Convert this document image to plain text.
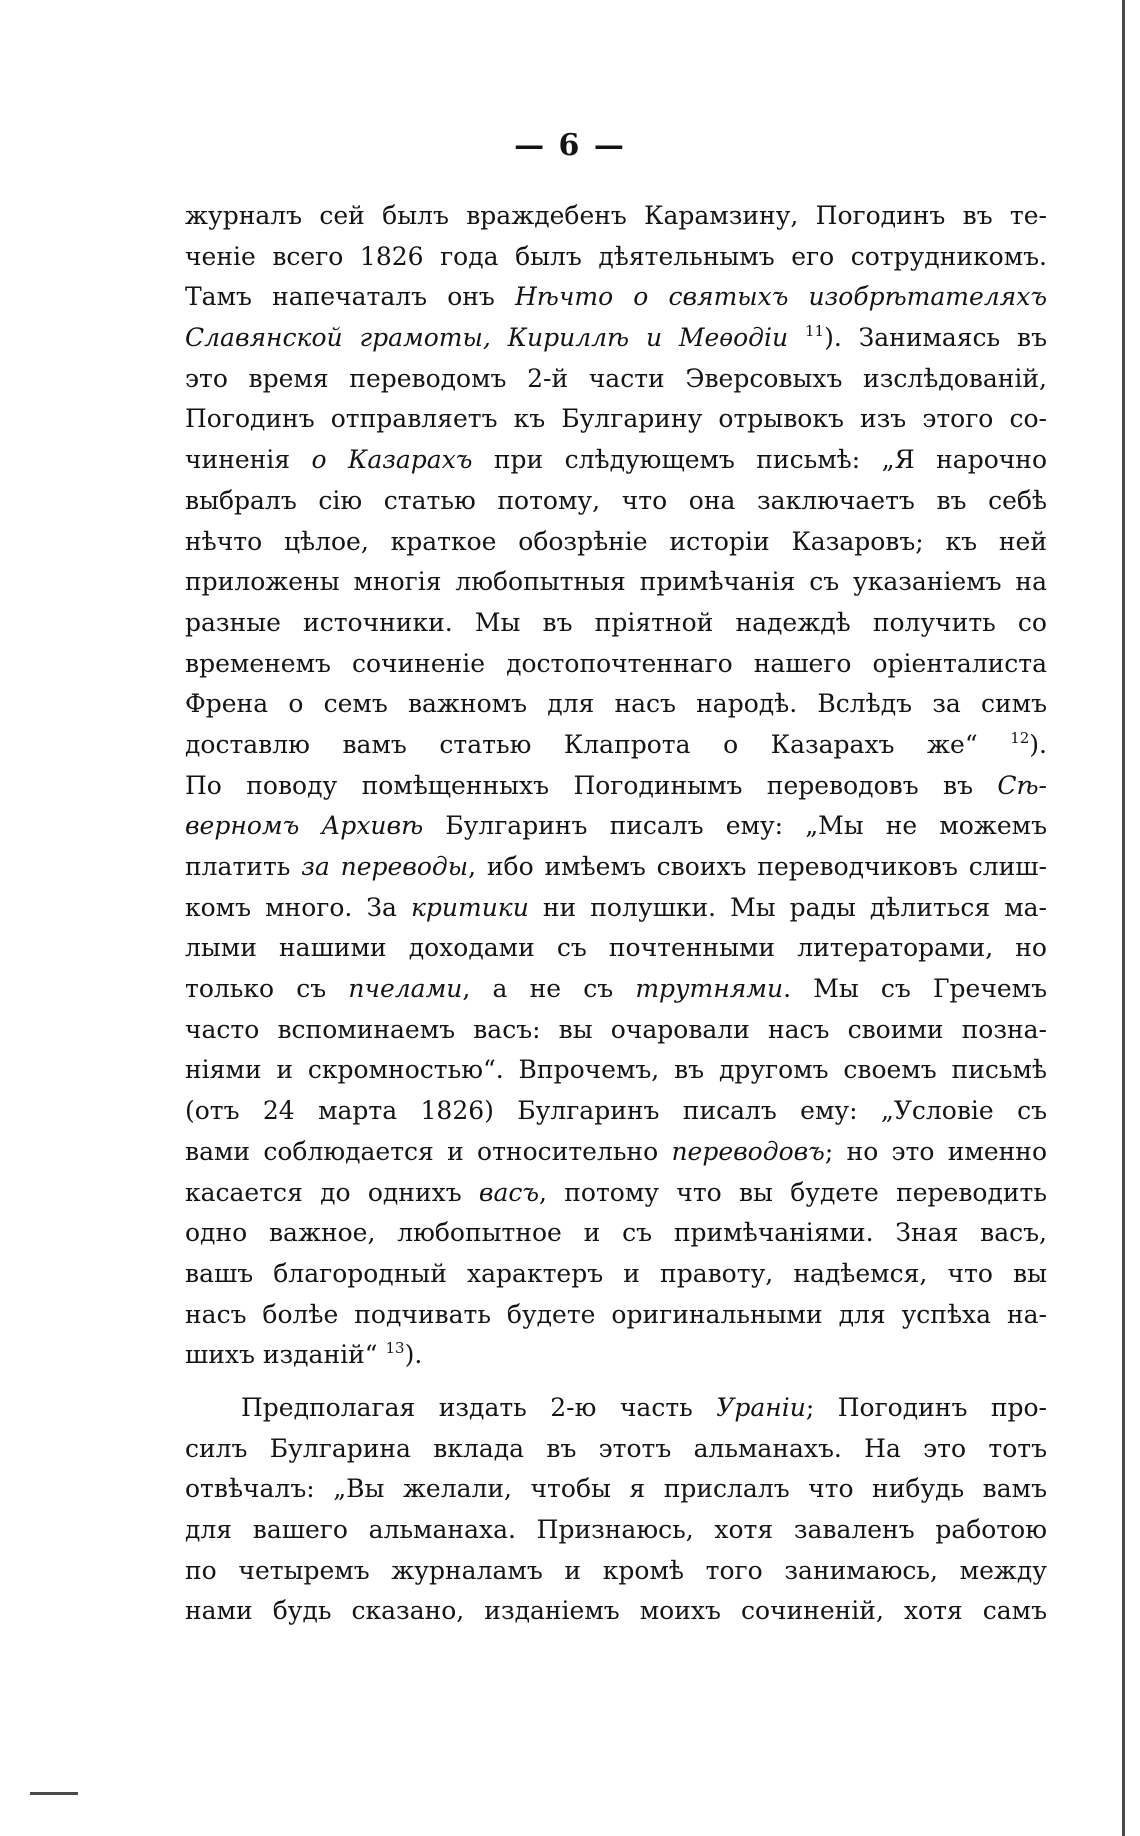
— 6 —
журналъ сей былъ враждебенъ Карамзину, Погодинъ въ те-
ченіе всего 1826 года былъ дѣятельнымъ его сотрудникомъ.
Тамъ напечаталъ онъ Нѣчто о святыхъ изобрѣтателяхъ
Славянской грамоты, Кириллѣ и Меѳодіи $^{11}$). Занимаясь въ
это время переводомъ 2-й части Эверсовыхъ изслѣдованій,
Погодинъ отправляетъ къ Булгарину отрывокъ изъ этого со-
чиненія о Казарахъ при слѣдующемъ письмѣ: „Я нарочно
выбралъ сію статью потому, что она заключаетъ въ себѣ
нѣчто цѣлое, краткое обозрѣніе исторіи Казаровъ; къ ней
приложены многія любопытныя примѣчанія съ указаніемъ на
разные источники. Мы въ пріятной надеждѣ получить со
временемъ сочиненіе достопочтеннаго нашего оріенталиста
Френа о семъ важномъ для насъ народѣ. Вслѣдъ за симъ
доставлю вамъ статью Клапрота о Казарахъ же“ $^{12}$).
По поводу помѣщенныхъ Погодинымъ переводовъ въ Сѣ-
верномъ Архивѣ Булгаринъ писалъ ему: „Мы не можемъ
платить за переводы, ибо имѣемъ своихъ переводчиковъ слиш-
комъ много. За критики ни полушки. Мы рады дѣлиться ма-
лыми нашими доходами съ почтенными литераторами, но
только съ пчелами, а не съ трутнями. Мы съ Гречемъ
часто вспоминаемъ васъ: вы очаровали насъ своими позна-
ніями и скромностью“. Впрочемъ, въ другомъ своемъ письмѣ
(отъ 24 марта 1826) Булгаринъ писалъ ему: „Условіе съ
вами соблюдается и относительно переводовъ; но это именно
касается до однихъ васъ, потому что вы будете переводить
одно важное, любопытное и съ примѣчаніями. Зная васъ,
вашъ благородный характеръ и правоту, надѣемся, что вы
насъ болѣе подчивать будете оригинальными для успѣха на-
шихъ изданій“ $^{13}$).
Предполагая издать 2-ю часть Ураніи; Погодинъ про-
силъ Булгарина вклада въ этотъ альманахъ. На это тотъ
отвѣчалъ: „Вы желали, чтобы я прислалъ что нибудь вамъ
для вашего альманаха. Признаюсь, хотя заваленъ работою
по четыремъ журналамъ и кромѣ того занимаюсь, между
нами будь сказано, изданіемъ моихъ сочиненій, хотя самъ
